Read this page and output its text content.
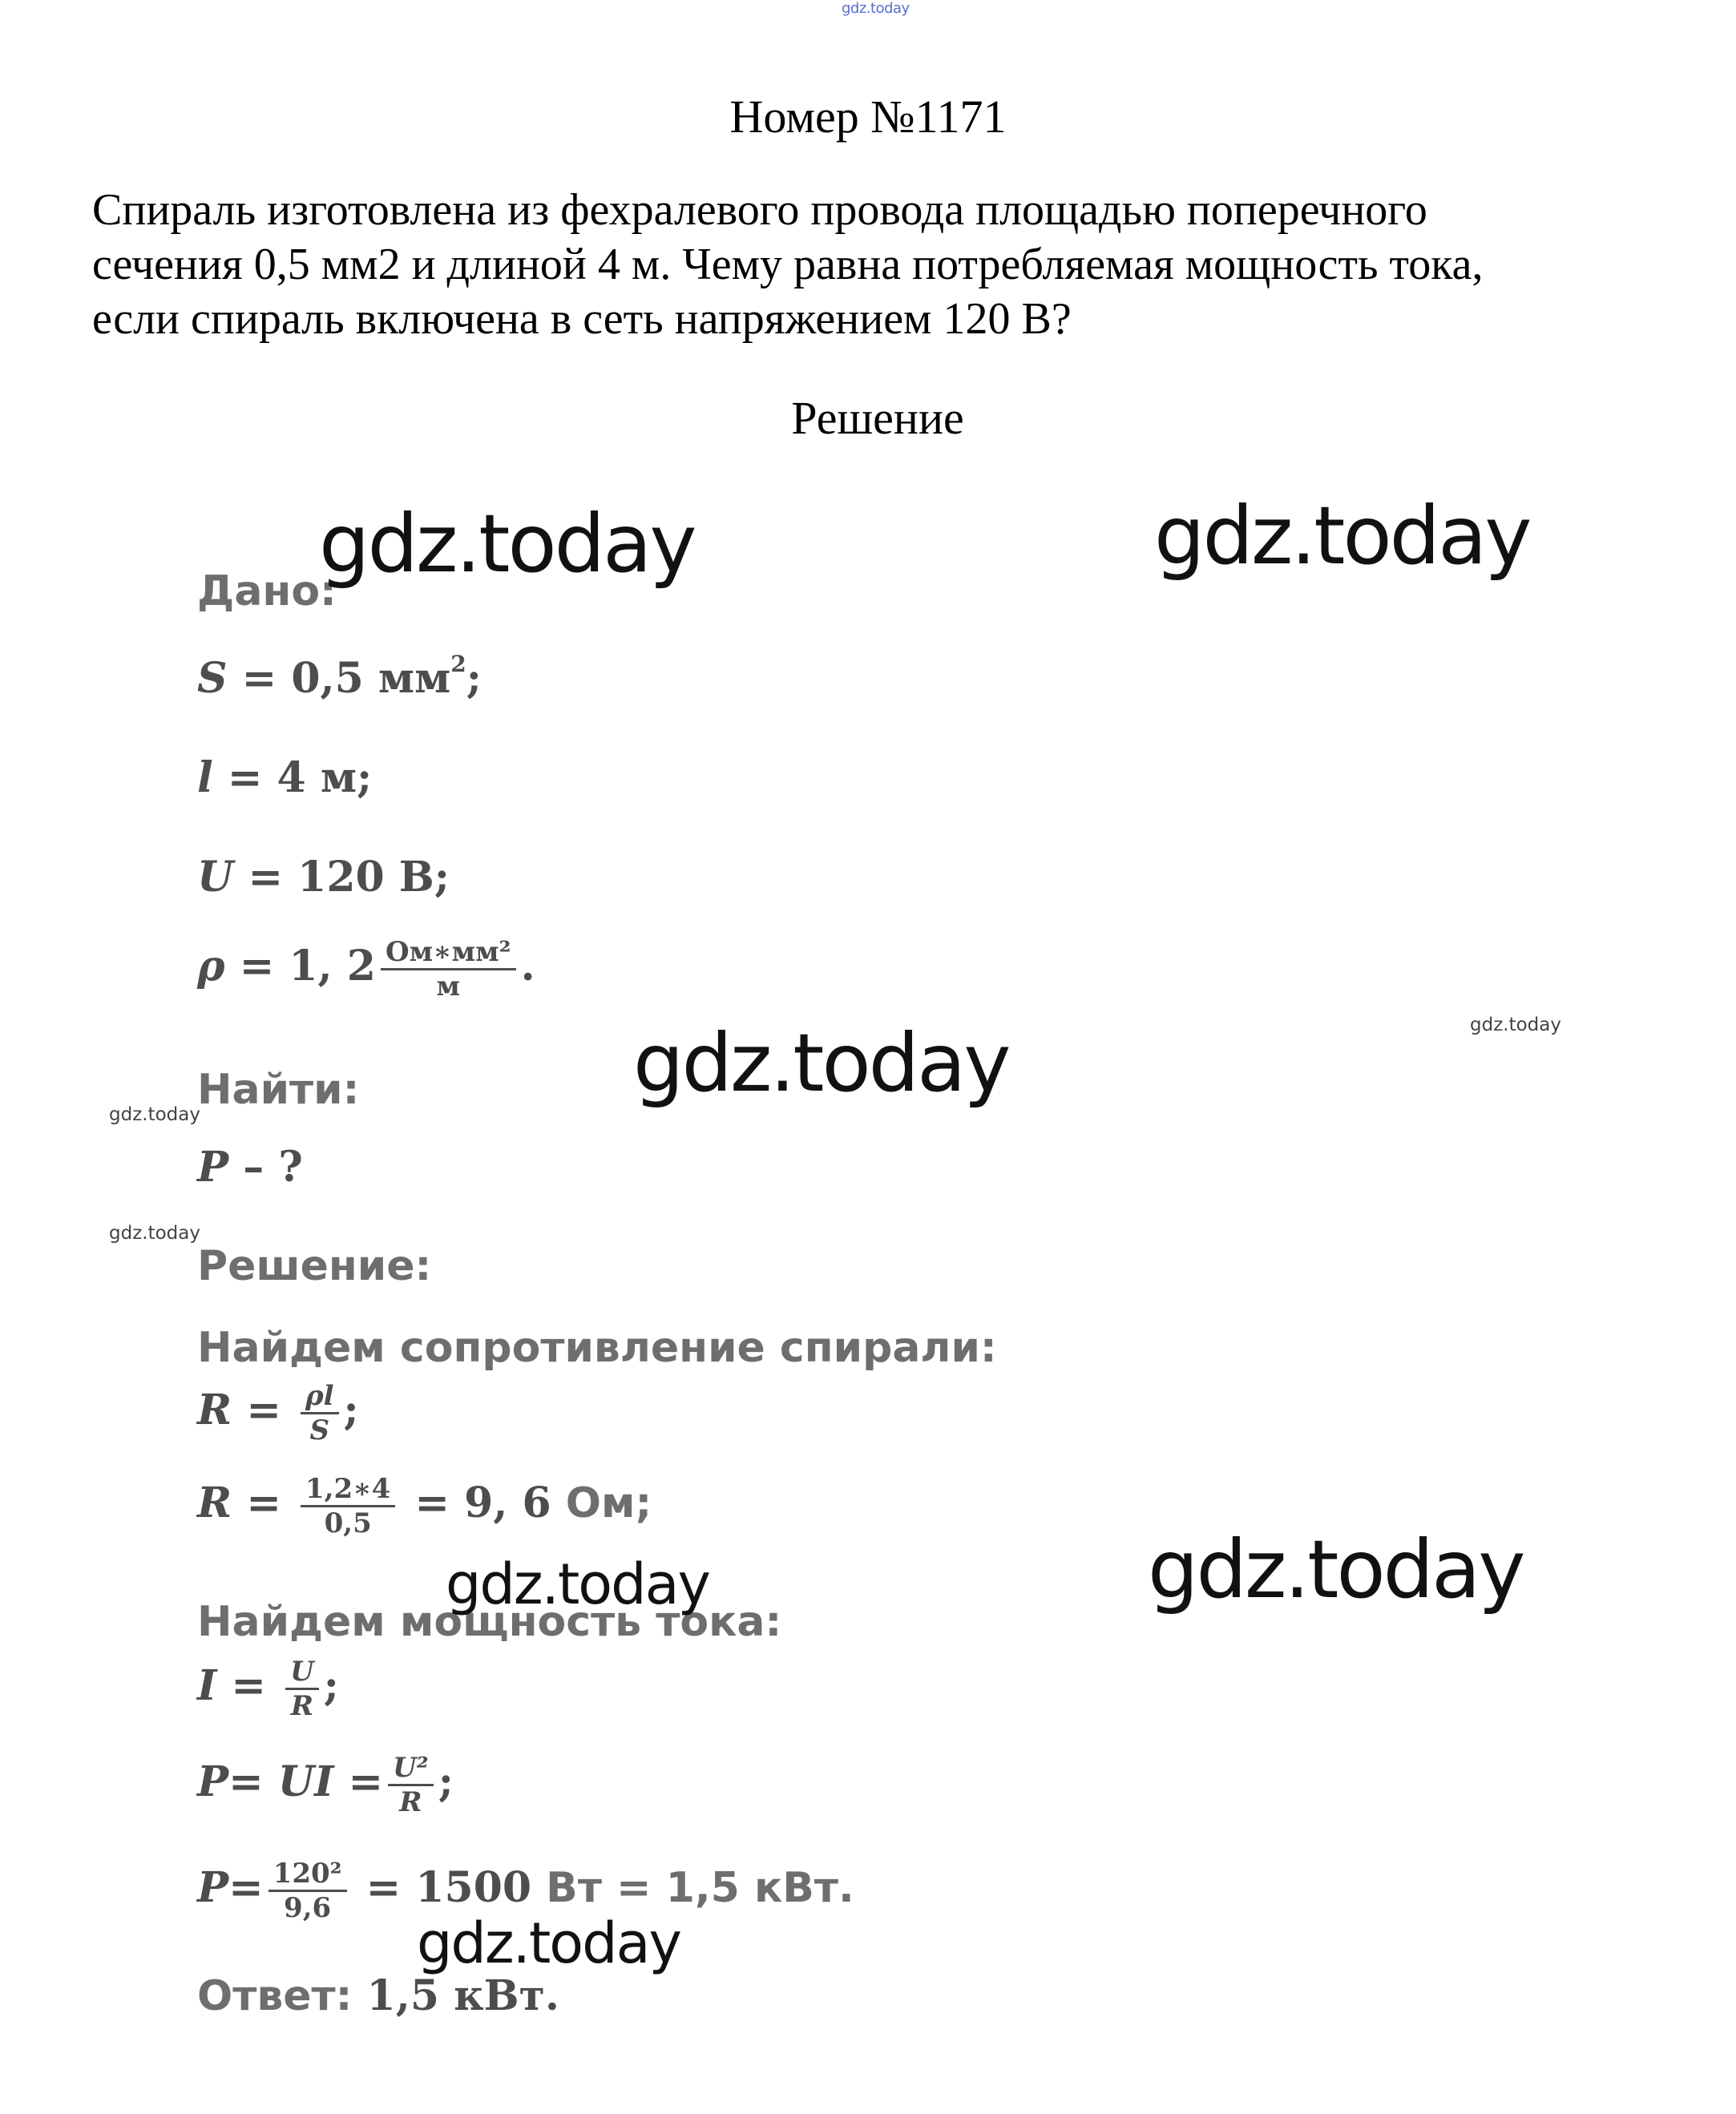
gdz.today
Номер №1171
Спираль изготовлена из фехралевого провода площадью поперечного
сечения 0,5 мм2 и длиной 4 м. Чему равна потребляемая мощность тока,
если спираль включена в сеть напряжением 120 В?
Решение
Дано:
S = 0,5 $мм^2$;
l = 4 м;
U = 120 В;
ρ = 1, $2 \frac{\text{Ом∗мм²}}{м}$ .
Найти:
P – ?
Решение:
Найдем сопротивление спирали:
$R = \frac{\rho l}{S}$ ;
$R = \frac{1,2∗4}{0,5} = 9$, 6 Ом;
Найдем мощность тока:
$I = \frac{U}{R}$ ;
P= UI = $\frac{\text{U²}}{R}$ ;
$P= \frac{\text{120²}}{9,6} = 1500$ Вт = 1,5 кВт.
Ответ: 1,5 кВт.
gdz.today	gdz.today
gdz.today	gdz.today
gdz.today
gdz.today
gdz.today	gdz.today
gdz.today
